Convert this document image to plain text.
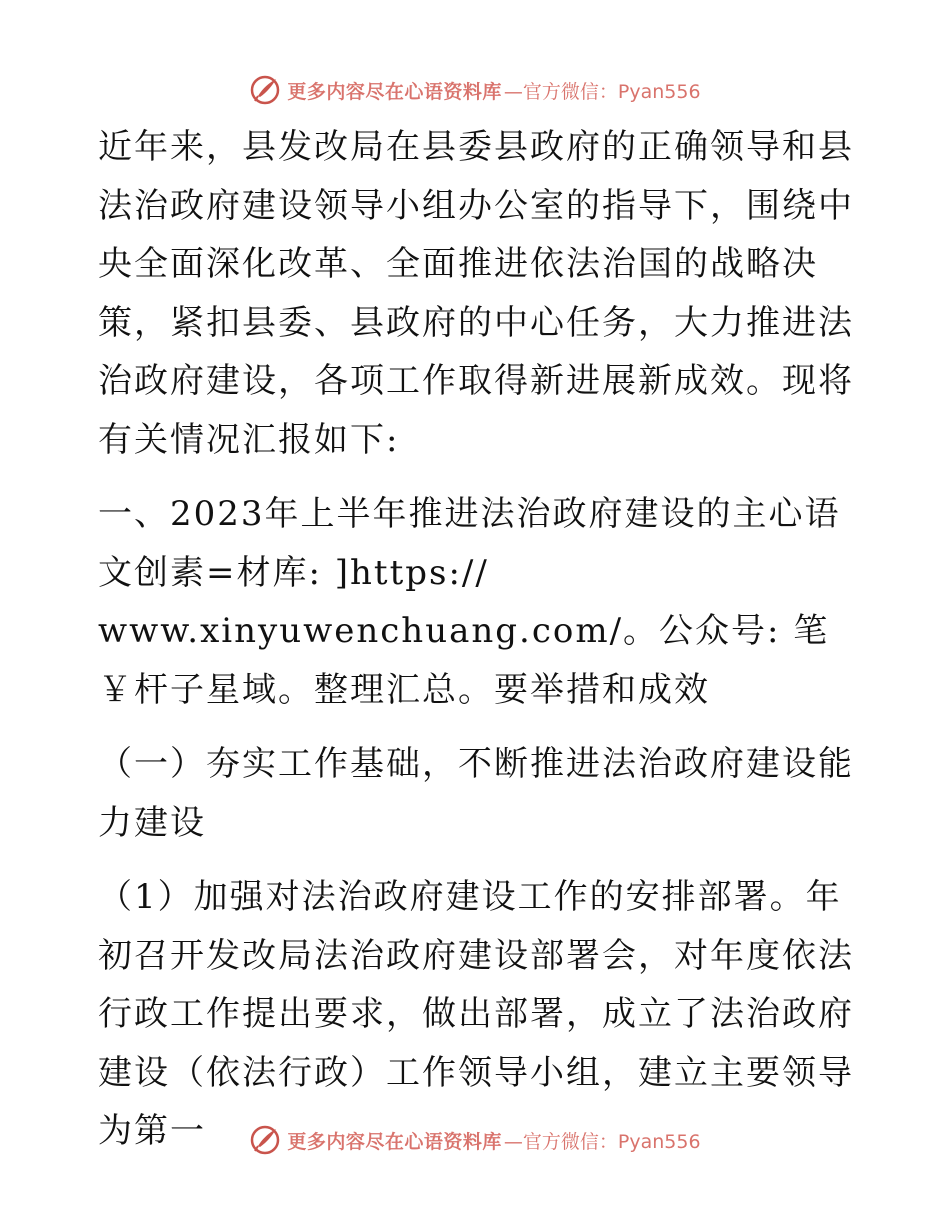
更多内容尽在心语资料库 —官方微信：Pyan556

近年来，县发改局在县委县政府的正确领导和县法治政府建设领导小组办公室的指导下，围绕中央全面深化改革、全面推进依法治国的战略决策，紧扣县委、县政府的中心任务，大力推进法治政府建设，各项工作取得新进展新成效。现将有关情况汇报如下:

一、2023年上半年推进法治政府建设的主心语文创素=材库: ]https://

www.xinyuwenchuang.com/。公众号: 笔￥杆子星域。整理汇总。要举措和成效

（一）夯实工作基础，不断推进法治政府建设能力建设

（1）加强对法治政府建设工作的安排部署。年初召开发改局法治政府建设部署会，对年度依法行政工作提出要求，做出部署，成立了法治政府建设（依法行政）工作领导小组，建立主要领导为第一	更多内容尽在心语资料库 —官方微信：Pyan556
